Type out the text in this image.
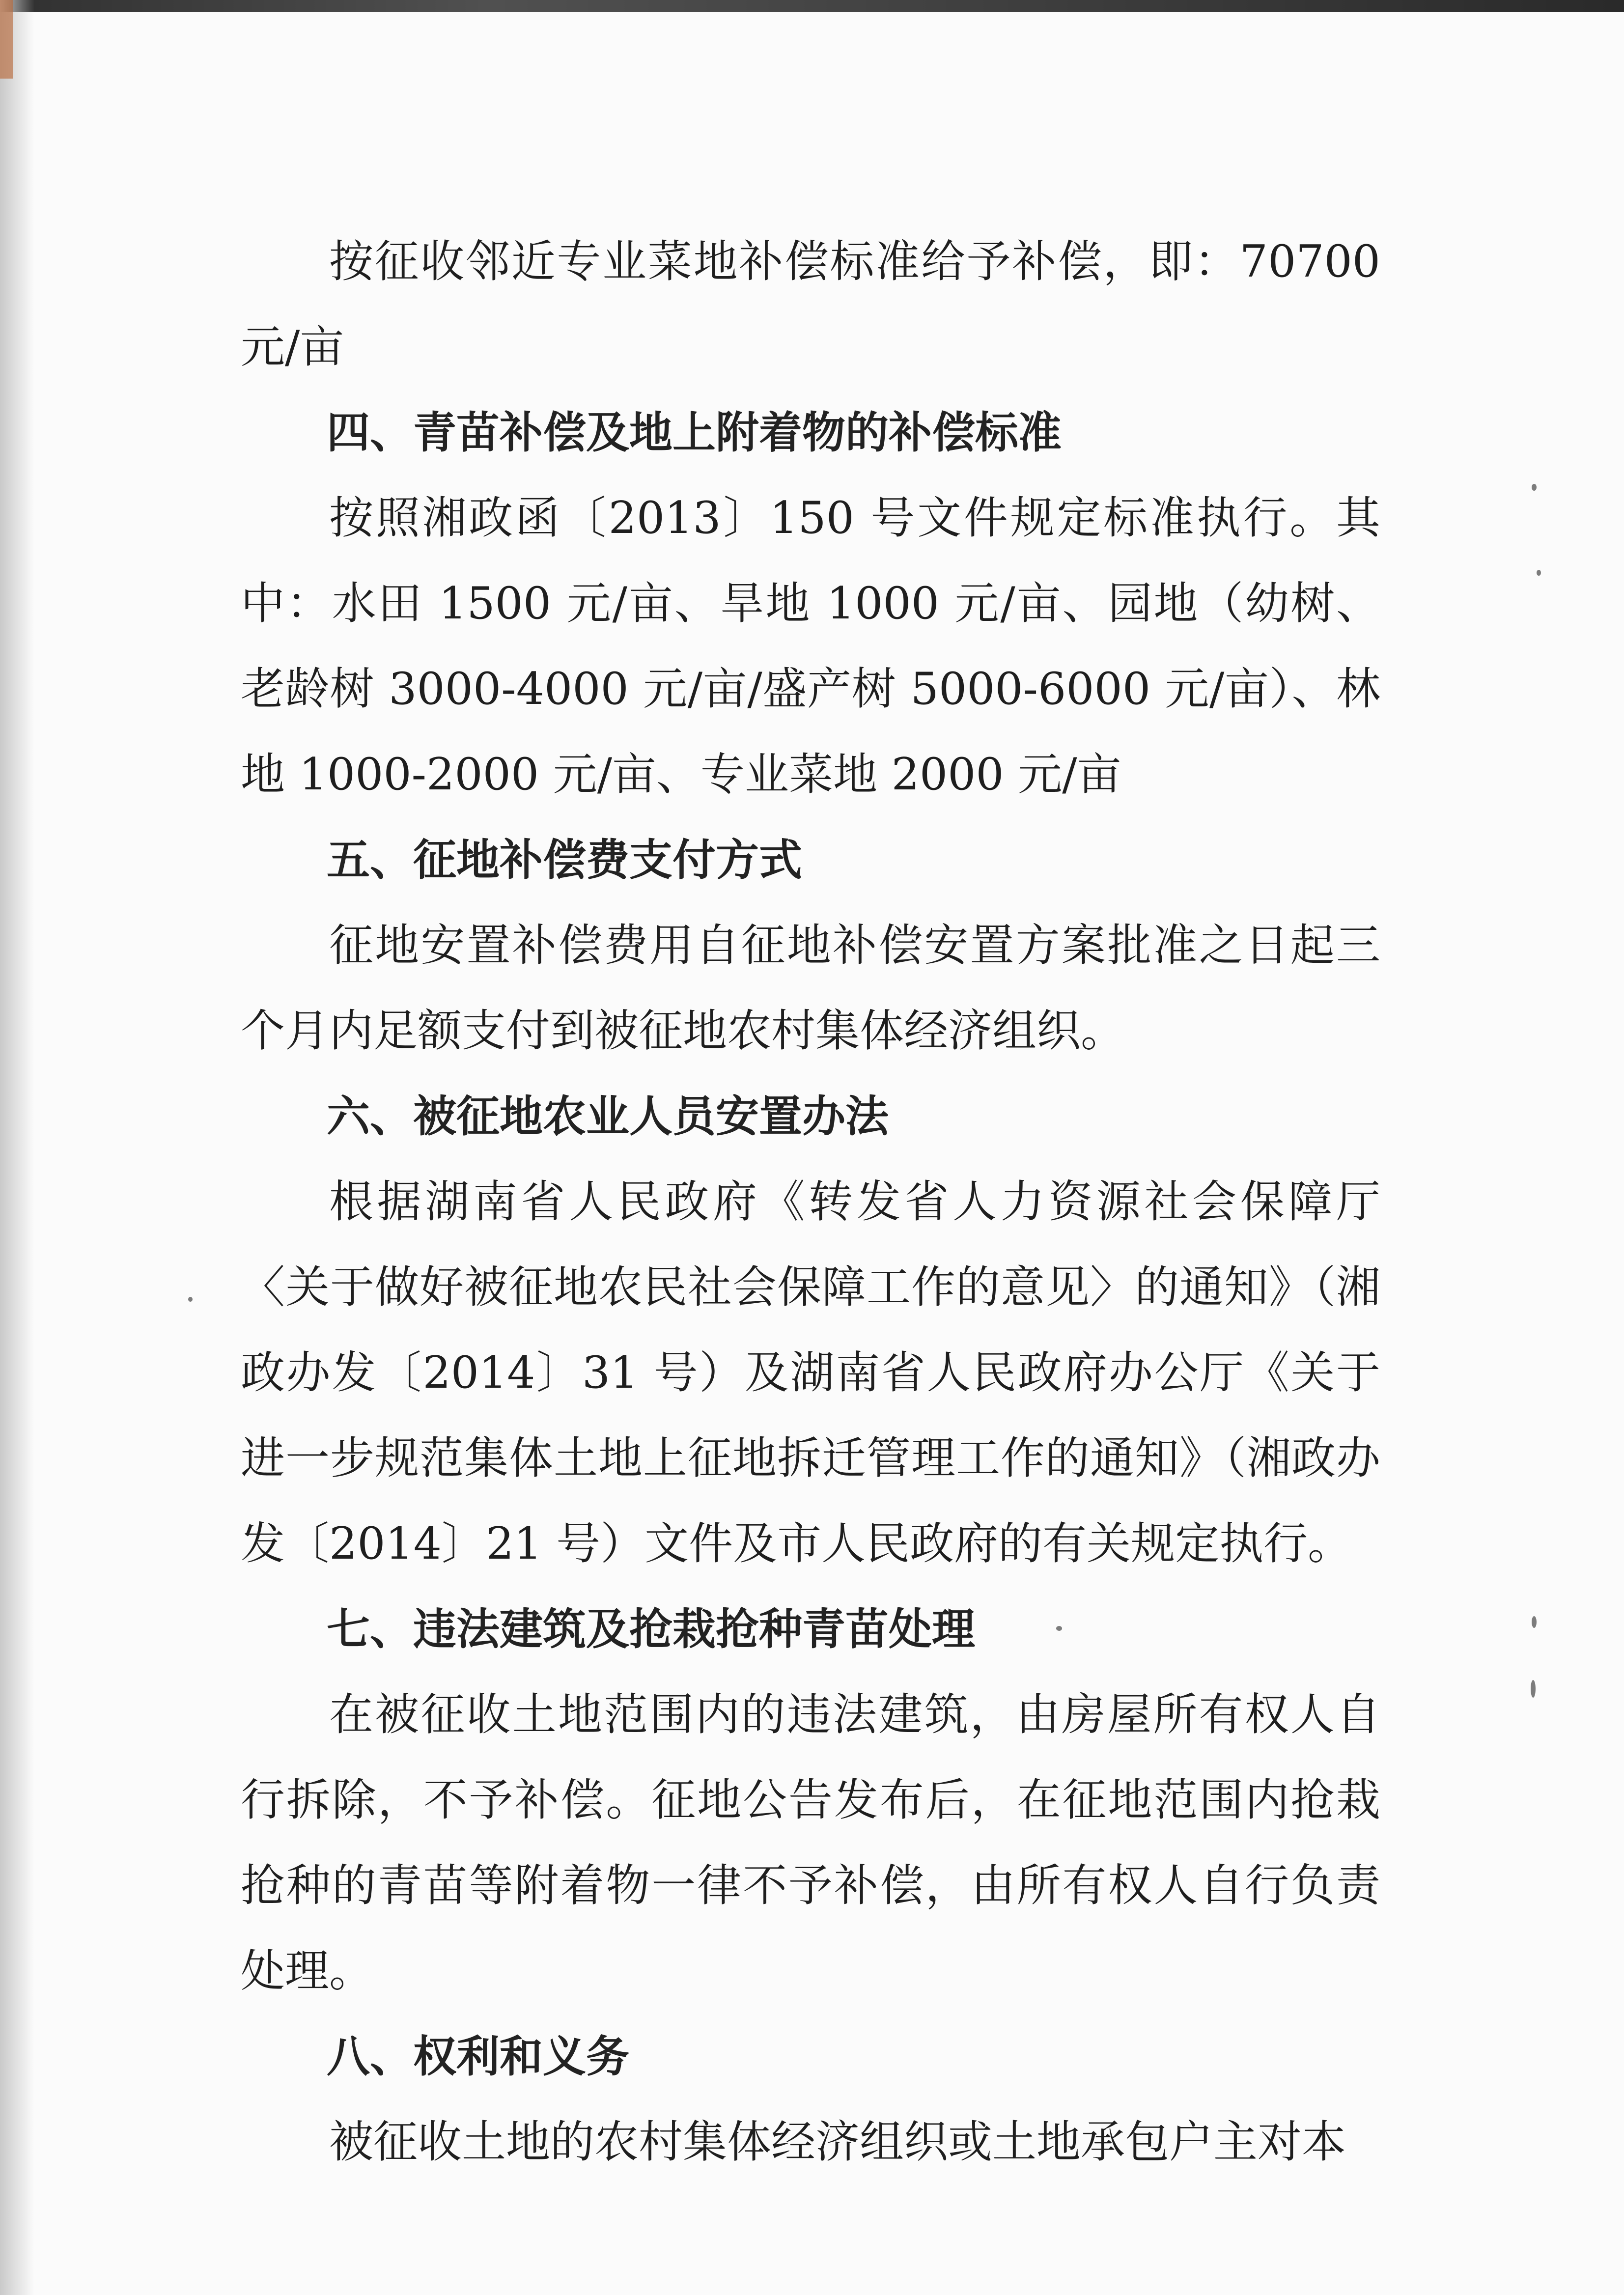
按征收邻近专业菜地补偿标准给予补偿，即：70700元/亩

四、青苗补偿及地上附着物的补偿标准

按照湘政函〔2013〕150 号文件规定标准执行。其中：水田 1500 元/亩、旱地 1000 元/亩、园地（幼树、老龄树 3000-4000 元/亩/盛产树 5000-6000 元/亩）、林地 1000-2000 元/亩、专业菜地 2000 元/亩

五、征地补偿费支付方式

征地安置补偿费用自征地补偿安置方案批准之日起三个月内足额支付到被征地农村集体经济组织。

六、被征地农业人员安置办法

根据湖南省人民政府《转发省人力资源社会保障厅〈关于做好被征地农民社会保障工作的意见〉的通知》（湘政办发〔2014〕31 号）及湖南省人民政府办公厅《关于进一步规范集体土地上征地拆迁管理工作的通知》（湘政办发〔2014〕21 号）文件及市人民政府的有关规定执行。

七、违法建筑及抢栽抢种青苗处理

在被征收土地范围内的违法建筑，由房屋所有权人自行拆除，不予补偿。征地公告发布后，在征地范围内抢栽抢种的青苗等附着物一律不予补偿，由所有权人自行负责处理。

八、权利和义务

被征收土地的农村集体经济组织或土地承包户主对本
